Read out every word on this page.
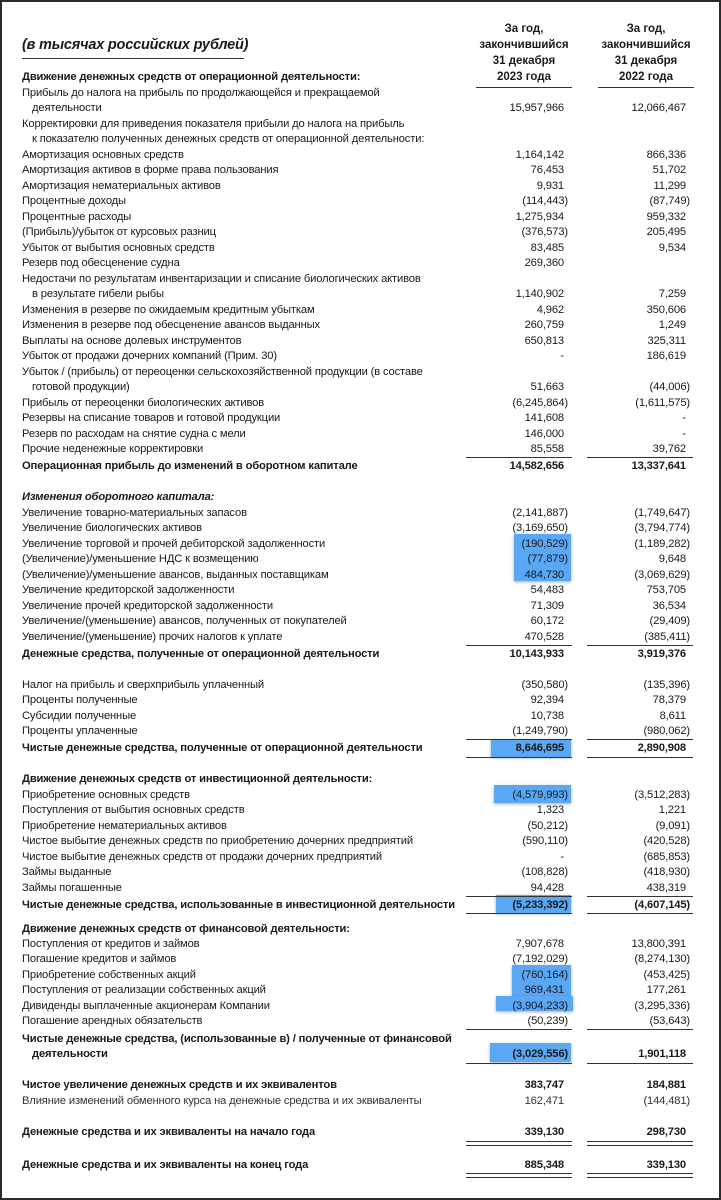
(в тысячах российских рублей)
За год,
закончившийся
31 декабря
2023 года
За год,
закончившийся
31 декабря
2022 года
Движение денежных средств от операционной деятельности:
Прибыль до налога на прибыль по продолжающейся и прекращаемой
деятельности	15,957,966	12,066,467
Корректировки для приведения показателя прибыли до налога на прибыль
к показателю полученных денежных средств от операционной деятельности:
Амортизация основных средств	1,164,142	866,336
Амортизация активов в форме права пользования	76,453	51,702
Амортизация нематериальных активов	9,931	11,299
Процентные доходы	(114,443)	(87,749)
Процентные расходы	1,275,934	959,332
(Прибыль)/убыток от курсовых разниц	(376,573)	205,495
Убыток от выбытия основных средств	83,485	9,534
Резерв под обесценение судна	269,360
Недостачи по результатам инвентаризации и списание биологических активов
в результате гибели рыбы	1,140,902	7,259
Изменения в резерве по ожидаемым кредитным убыткам	4,962	350,606
Изменения в резерве под обесценение авансов выданных	260,759	1,249
Выплаты на основе долевых инструментов	650,813	325,311
Убыток от продажи дочерних компаний (Прим. 30)	-	186,619
Убыток / (прибыль) от переоценки сельскохозяйственной продукции (в составе
готовой продукции)	51,663	(44,006)
Прибыль от переоценки биологических активов	(6,245,864)	(1,611,575)
Резервы на списание товаров и готовой продукции	141,608	-
Резерв по расходам на снятие судна с мели	146,000	-
Прочие неденежные корректировки	85,558	39,762
Операционная прибыль до изменений в оборотном капитале	14,582,656	13,337,641
Изменения оборотного капитала:
Увеличение товарно-материальных запасов	(2,141,887)	(1,749,647)
Увеличение биологических активов	(3,169,650)	(3,794,774)
Увеличение торговой и прочей дебиторской задолженности	(190,529)	(1,189,282)
(Увеличение)/уменьшение НДС к возмещению	(77,879)	9,648
(Увеличение)/уменьшение авансов, выданных поставщикам	484,730	(3,069,629)
Увеличение кредиторской задолженности	54,483	753,705
Увеличение прочей кредиторской задолженности	71,309	36,534
Увеличение/(уменьшение) авансов, полученных от покупателей	60,172	(29,409)
Увеличение/(уменьшение) прочих налогов к уплате	470,528	(385,411)
Денежные средства, полученные от операционной деятельности	10,143,933	3,919,376
Налог на прибыль и сверхприбыль уплаченный	(350,580)	(135,396)
Проценты полученные	92,394	78,379
Субсидии полученные	10,738	8,611
Проценты уплаченные	(1,249,790)	(980,062)
Чистые денежные средства, полученные от операционной деятельности	8,646,695	2,890,908
Движение денежных средств от инвестиционной деятельности:
Приобретение основных средств	(4,579,993)	(3,512,283)
Поступления от выбытия основных средств	1,323	1,221
Приобретение нематериальных активов	(50,212)	(9,091)
Чистое выбытие денежных средств по приобретению дочерних предприятий	(590,110)	(420,528)
Чистое выбытие денежных средств от продажи дочерних предприятий	-	(685,853)
Займы выданные	(108,828)	(418,930)
Займы погашенные	94,428	438,319
Чистые денежные средства, использованные в инвестиционной деятельности	(5,233,392)	(4,607,145)
Движение денежных средств от финансовой деятельности:
Поступления от кредитов и займов	7,907,678	13,800,391
Погашение кредитов и займов	(7,192,029)	(8,274,130)
Приобретение собственных акций	(760,164)	(453,425)
Поступления от реализации собственных акций	969,431	177,261
Дивиденды выплаченные акционерам Компании	(3,904,233)	(3,295,336)
Погашение арендных обязательств	(50,239)	(53,643)
Чистые денежные средства, (использованные в) / полученные от финансовой
деятельности	(3,029,556)	1,901,118
Чистое увеличение денежных средств и их эквивалентов	383,747	184,881
Влияние изменений обменного курса на денежные средства и их эквиваленты	162,471	(144,481)
Денежные средства и их эквиваленты на начало года	339,130	298,730
Денежные средства и их эквиваленты на конец года	885,348	339,130
